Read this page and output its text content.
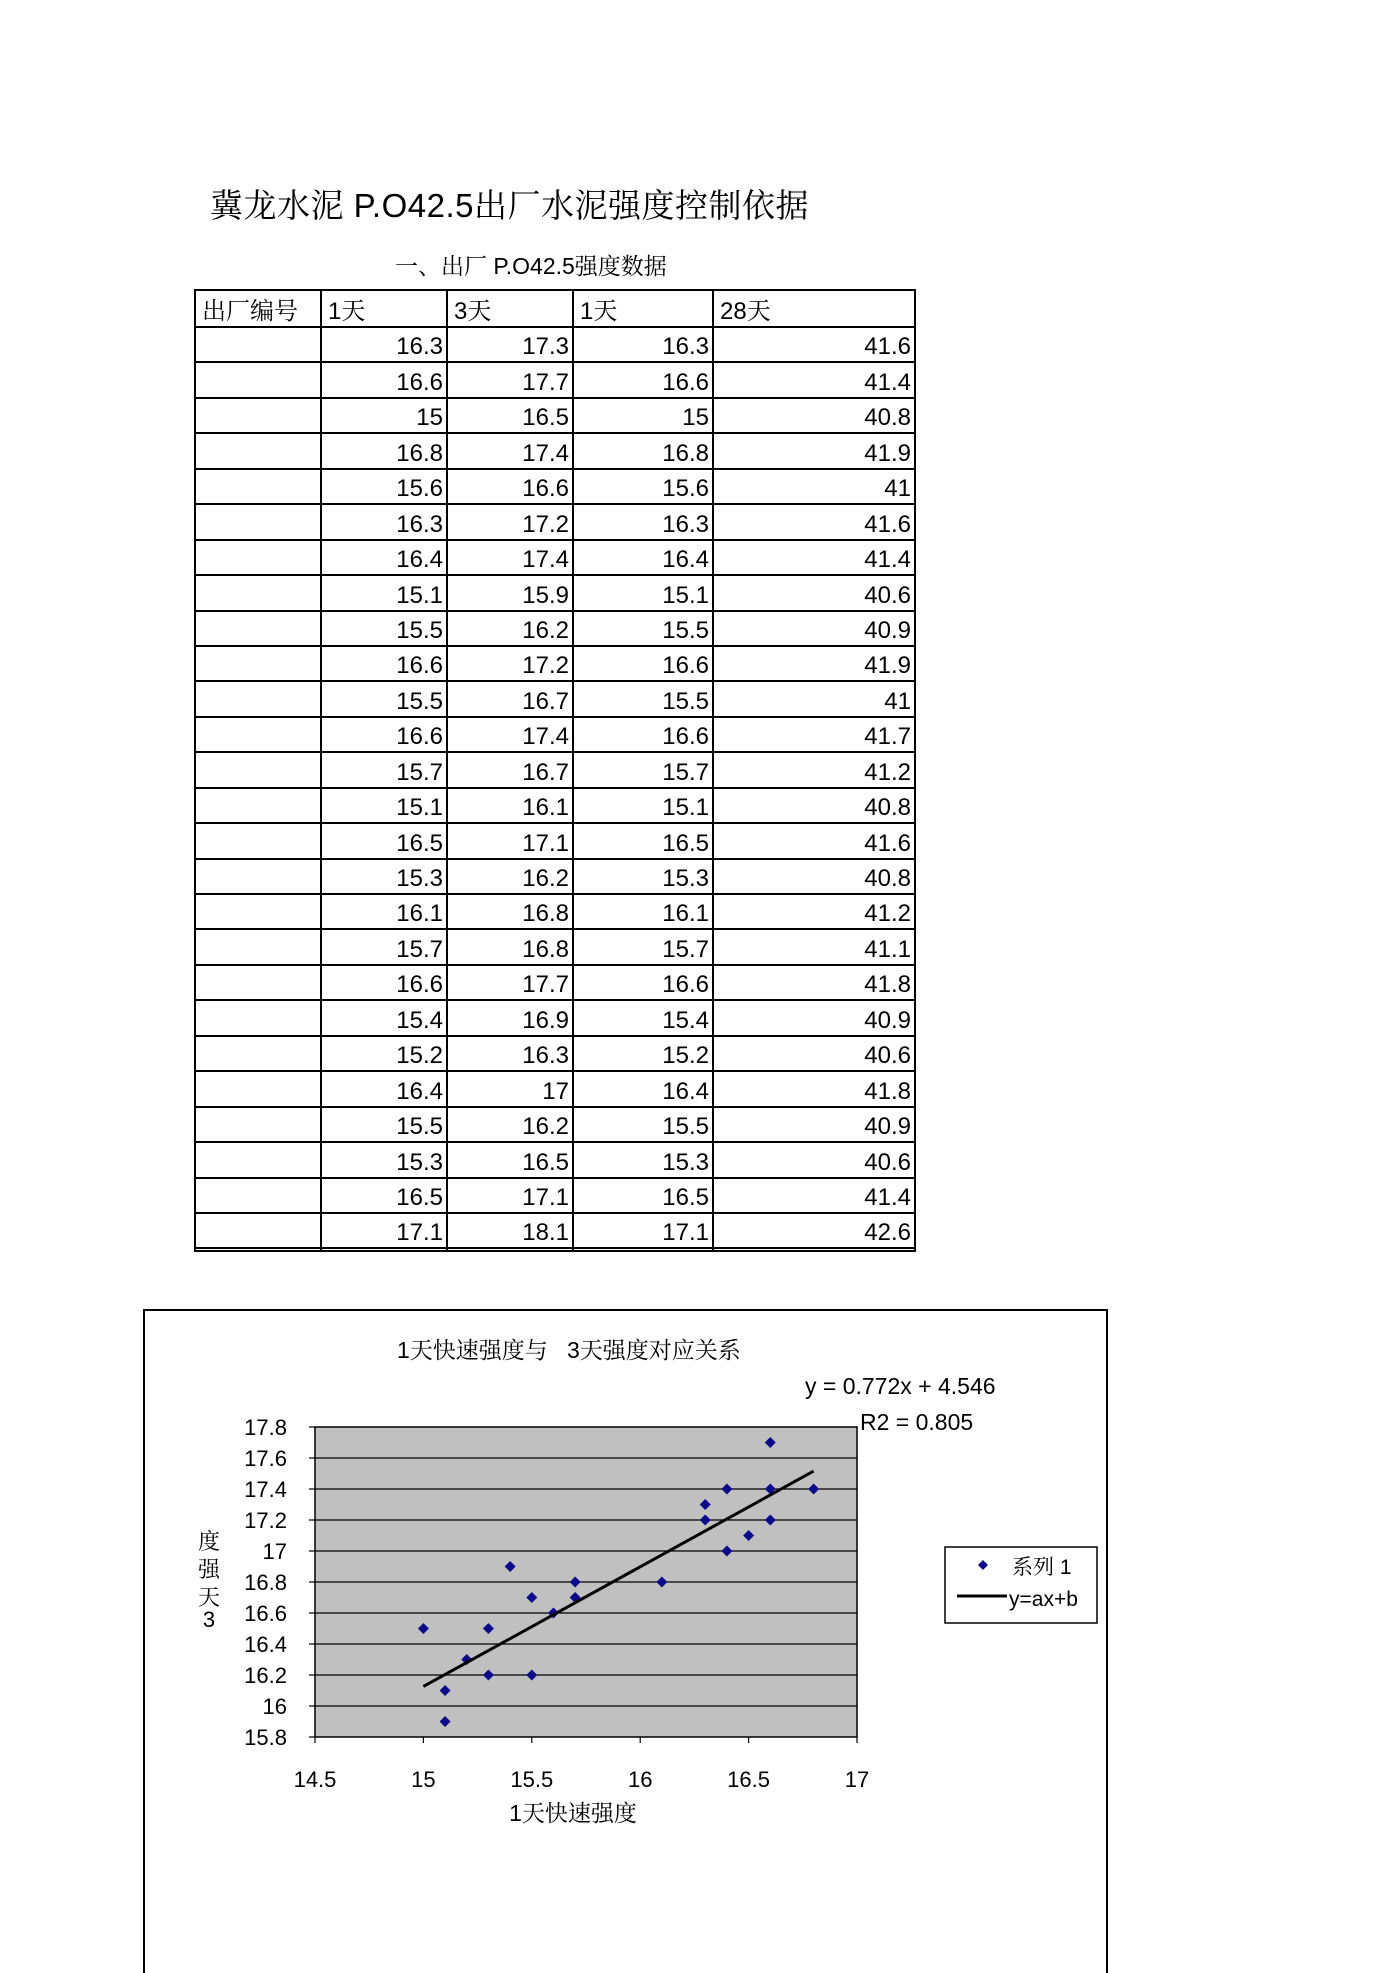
冀龙水泥 P.O42.5出厂水泥强度控制依据
一、出厂 P.O42.5强度数据
出厂编号	1天	3天	1天	28天
	16.3	17.3	16.3	41.6
	16.6	17.7	16.6	41.4
	15	16.5	15	40.8
	16.8	17.4	16.8	41.9
	15.6	16.6	15.6	41
	16.3	17.2	16.3	41.6
	16.4	17.4	16.4	41.4
	15.1	15.9	15.1	40.6
	15.5	16.2	15.5	40.9
	16.6	17.2	16.6	41.9
	15.5	16.7	15.5	41
	16.6	17.4	16.6	41.7
	15.7	16.7	15.7	41.2
	15.1	16.1	15.1	40.8
	16.5	17.1	16.5	41.6
	15.3	16.2	15.3	40.8
	16.1	16.8	16.1	41.2
	15.7	16.8	15.7	41.1
	16.6	17.7	16.6	41.8
	15.4	16.9	15.4	40.9
	15.2	16.3	15.2	40.6
	16.4	17	16.4	41.8
	15.5	16.2	15.5	40.9
	15.3	16.5	15.3	40.6
	16.5	17.1	16.5	41.4
	17.1	18.1	17.1	42.6

1天快速强度与   3天强度对应关系
y = 0.772x + 4.546
R2 = 0.805
17.8
17.6
17.4
17.2
17
16.8
16.6
16.4
16.2
16
15.8
14.5	15	15.5	16	16.5	17
度强天 3
1天快速强度
系列 1
y=ax+b
